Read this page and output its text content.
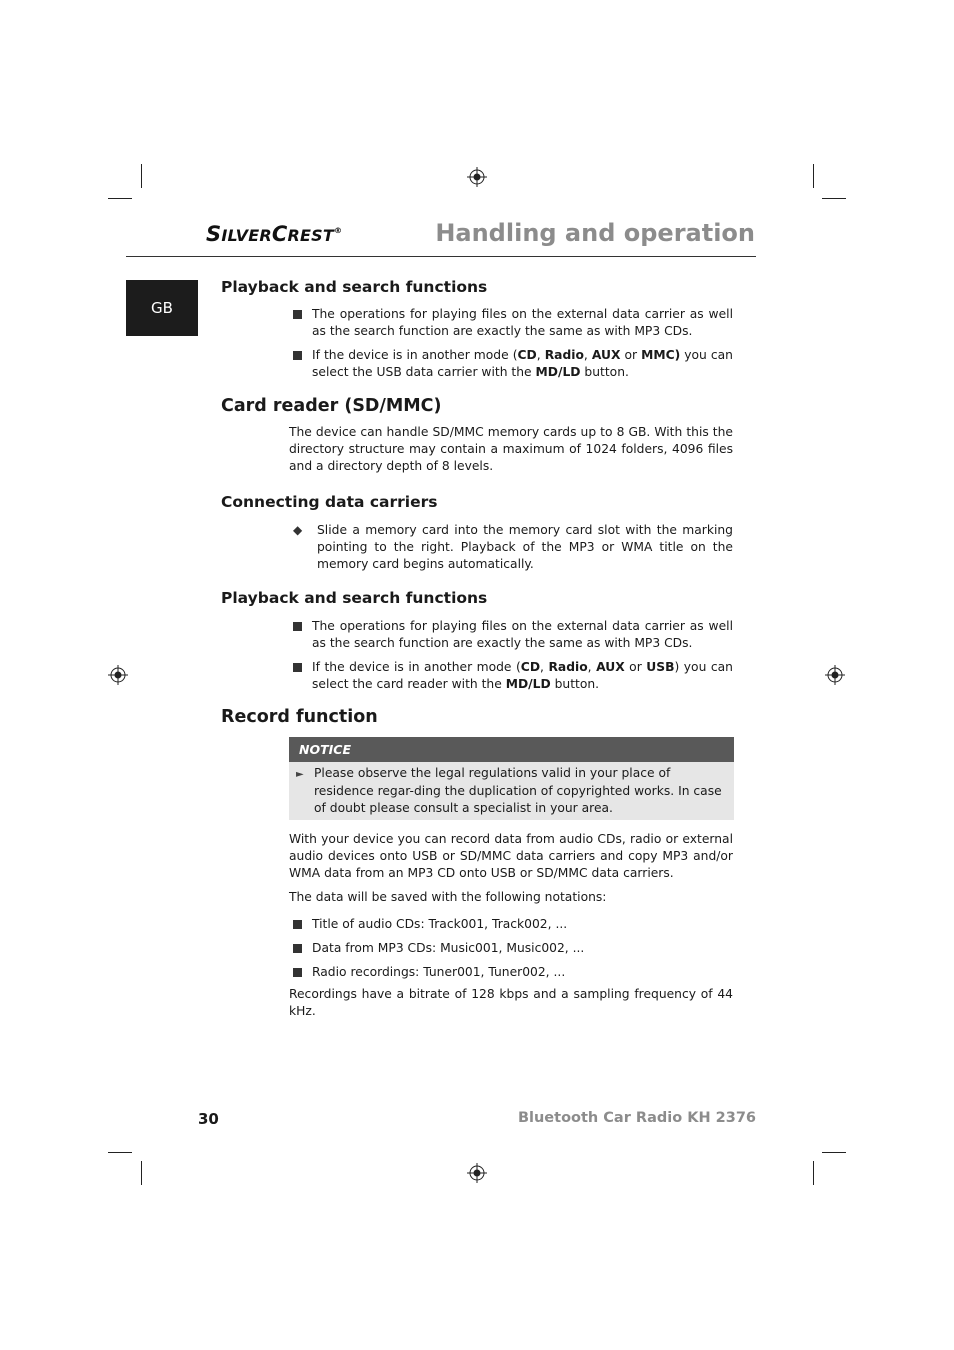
SILVERCREST®	Handling and operation
GB
Playback and search functions

The operations for playing files on the external data carrier as well as the search function are exactly the same as with MP3 CDs.

If the device is in another mode (CD, Radio, AUX or MMC) you can select the USB data carrier with the MD/LD button.

Card reader (SD/MMC)

The device can handle SD/MMC memory cards up to 8 GB. With this the directory structure may contain a maximum of 1024 folders, 4096 files and a directory depth of 8 levels.

Connecting data carriers

◆ Slide a memory card into the memory card slot with the marking pointing to the right. Playback of the MP3 or WMA title on the memory card begins automatically.

Playback and search functions

The operations for playing files on the external data carrier as well as the search function are exactly the same as with MP3 CDs.

If the device is in another mode (CD, Radio, AUX or USB) you can select the card reader with the MD/LD button.

Record function
NOTICE
► Please observe the legal regulations valid in your place of residence regar-ding the duplication of copyrighted works. In case of doubt please consult a specialist in your area.

With your device you can record data from audio CDs, radio or external audio devices onto USB or SD/MMC data carriers and copy MP3 and/or WMA data from an MP3 CD onto USB or SD/MMC data carriers.

The data will be saved with the following notations:

Title of audio CDs: Track001, Track002, ...

Data from MP3 CDs: Music001, Music002, ...

Radio recordings: Tuner001, Tuner002, ...

Recordings have a bitrate of 128 kbps and a sampling frequency of 44 kHz.

30	Bluetooth Car Radio KH 2376
